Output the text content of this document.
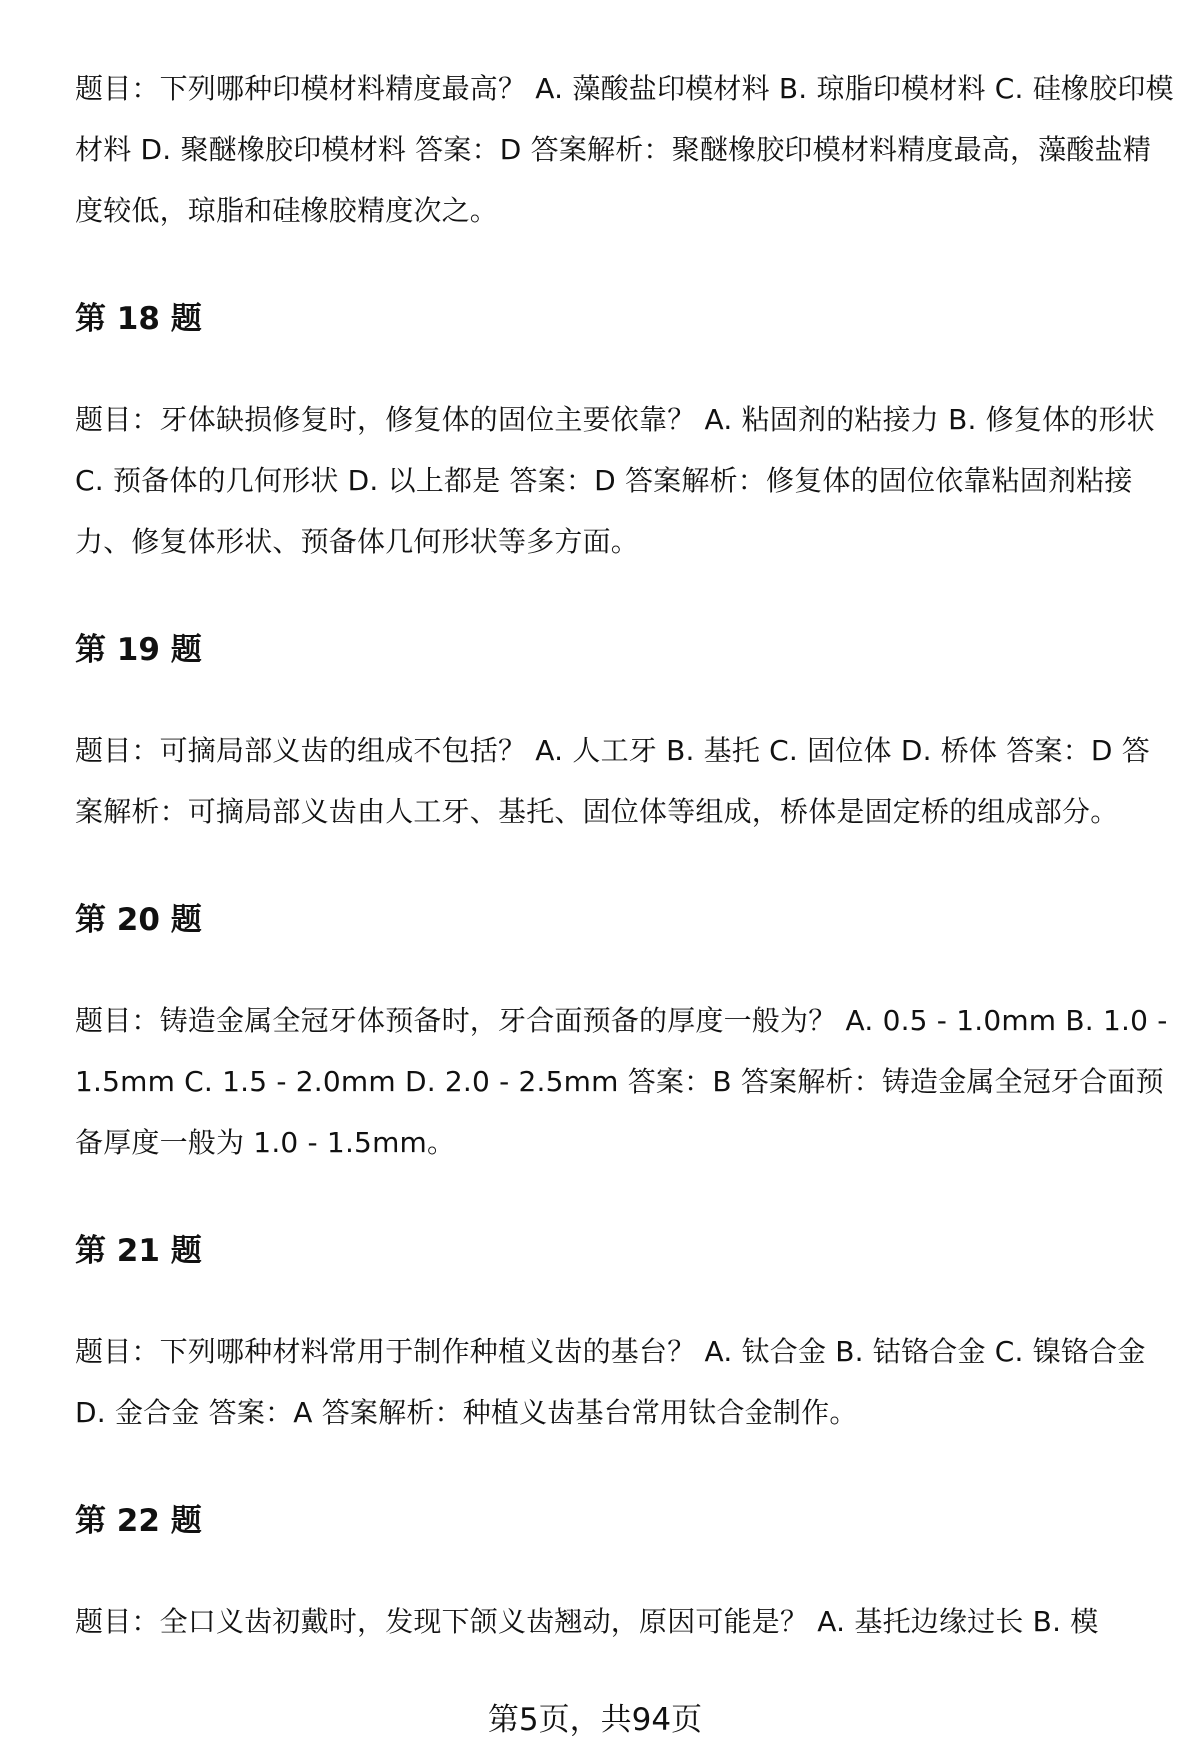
题目：下列哪种印模材料精度最高？ A. 藻酸盐印模材料 B. 琼脂印模材料 C. 硅橡胶印模材料 D. 聚醚橡胶印模材料 答案：D 答案解析：聚醚橡胶印模材料精度最高，藻酸盐精度较低，琼脂和硅橡胶精度次之。

第 18 题

题目：牙体缺损修复时，修复体的固位主要依靠？ A. 粘固剂的粘接力 B. 修复体的形状 C. 预备体的几何形状 D. 以上都是 答案：D 答案解析：修复体的固位依靠粘固剂粘接力、修复体形状、预备体几何形状等多方面。

第 19 题

题目：可摘局部义齿的组成不包括？ A. 人工牙 B. 基托 C. 固位体 D. 桥体 答案：D 答案解析：可摘局部义齿由人工牙、基托、固位体等组成，桥体是固定桥的组成部分。

第 20 题

题目：铸造金属全冠牙体预备时，牙合面预备的厚度一般为？ A. 0.5 - 1.0mm B. 1.0 - 1.5mm C. 1.5 - 2.0mm D. 2.0 - 2.5mm 答案：B 答案解析：铸造金属全冠牙合面预备厚度一般为 1.0 - 1.5mm。

第 21 题

题目：下列哪种材料常用于制作种植义齿的基台？ A. 钛合金 B. 钴铬合金 C. 镍铬合金 D. 金合金 答案：A 答案解析：种植义齿基台常用钛合金制作。

第 22 题

题目：全口义齿初戴时，发现下颌义齿翘动，原因可能是？ A. 基托边缘过长 B. 模

第5页，共94页
